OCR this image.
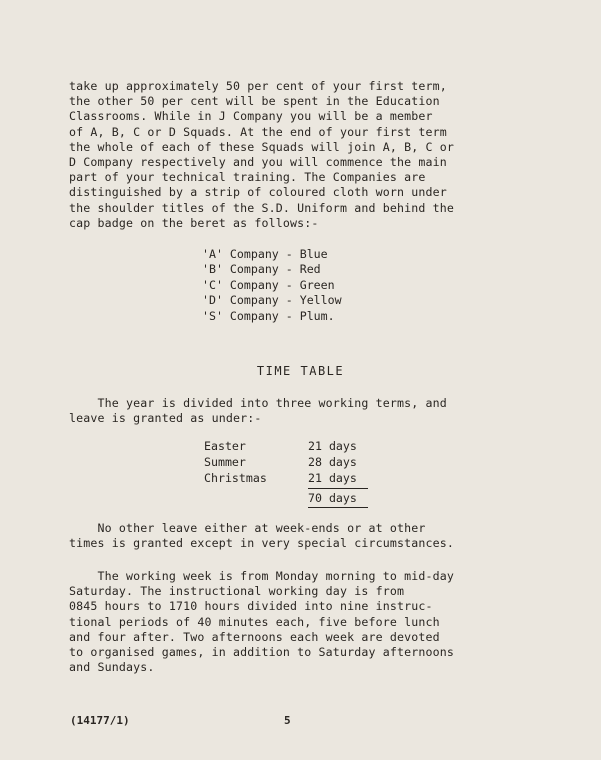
take up approximately 50 per cent of your first term,
the other 50 per cent will be spent in the Education
Classrooms. While in J Company you will be a member
of A, B, C or D Squads. At the end of your first term
the whole of each of these Squads will join A, B, C or
D Company respectively and you will commence the main
part of your technical training. The Companies are
distinguished by a strip of coloured cloth worn under
the shoulder titles of the S.D. Uniform and behind the
cap badge on the beret as follows:-

'A' Company - Blue
'B' Company - Red
'C' Company - Green
'D' Company - Yellow
'S' Company - Plum.
TIME TABLE

The year is divided into three working terms, and
leave is granted as under:-

Easter	21 days
Summer	28 days
Christmas	21 days
70 days

No other leave either at week-ends or at other
times is granted except in very special circumstances.

The working week is from Monday morning to mid-day
Saturday. The instructional working day is from
0845 hours to 1710 hours divided into nine instruc-
tional periods of 40 minutes each, five before lunch
and four after. Two afternoons each week are devoted
to organised games, in addition to Saturday afternoons
and Sundays.

(14177/1)	5
